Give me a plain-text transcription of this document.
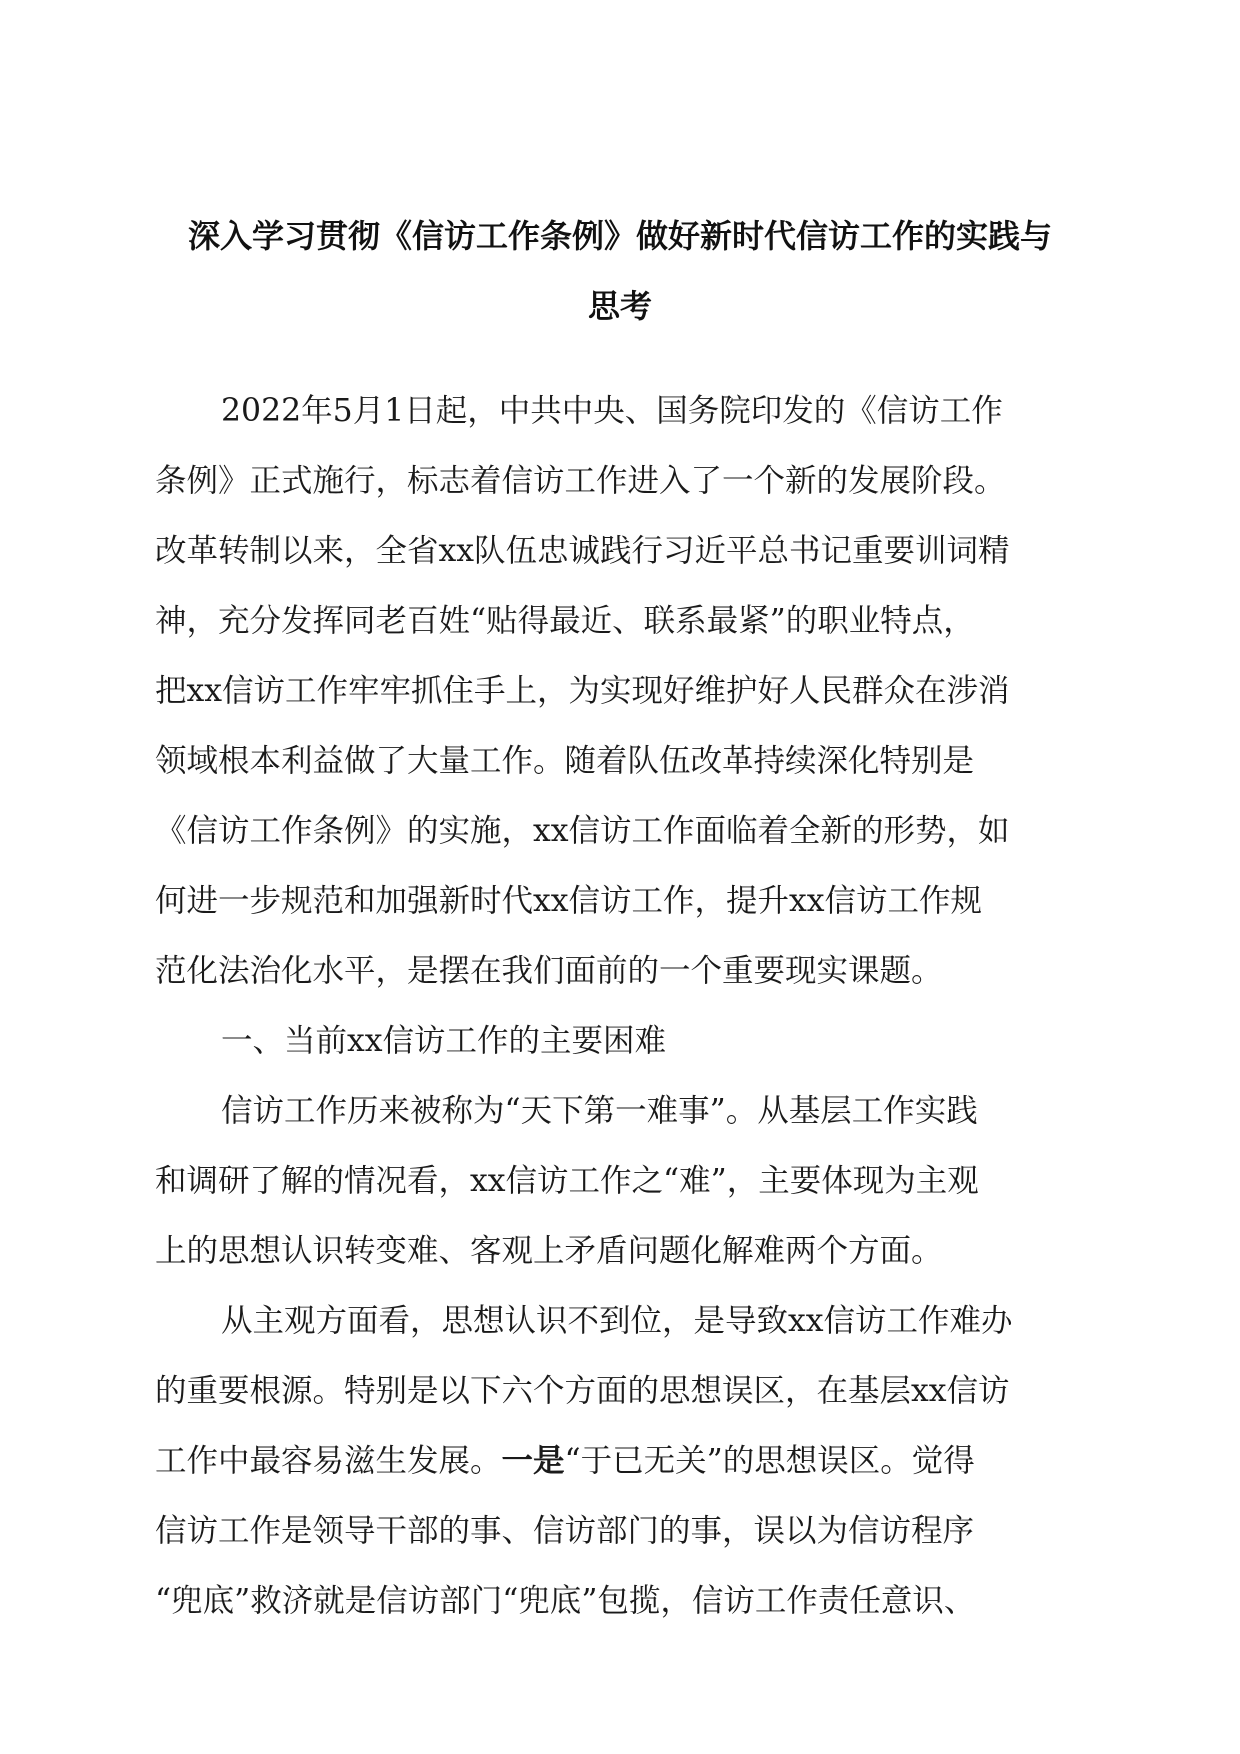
深入学习贯彻《信访工作条例》做好新时代信访工作的实践与
思考
2022年5月1日起，中共中央、国务院印发的《信访工作
条例》正式施行，标志着信访工作进入了一个新的发展阶段。
改革转制以来，全省xx队伍忠诚践行习近平总书记重要训词精
神，充分发挥同老百姓“贴得最近、联系最紧”的职业特点，
把xx信访工作牢牢抓住手上，为实现好维护好人民群众在涉消
领域根本利益做了大量工作。随着队伍改革持续深化特别是
《信访工作条例》的实施，xx信访工作面临着全新的形势，如
何进一步规范和加强新时代xx信访工作，提升xx信访工作规
范化法治化水平，是摆在我们面前的一个重要现实课题。
一、当前xx信访工作的主要困难
信访工作历来被称为“天下第一难事”。从基层工作实践
和调研了解的情况看，xx信访工作之“难”，主要体现为主观
上的思想认识转变难、客观上矛盾问题化解难两个方面。
从主观方面看，思想认识不到位，是导致xx信访工作难办
的重要根源。特别是以下六个方面的思想误区，在基层xx信访
工作中最容易滋生发展。一是“于已无关”的思想误区。觉得
信访工作是领导干部的事、信访部门的事，误以为信访程序
“兜底”救济就是信访部门“兜底”包揽，信访工作责任意识、
